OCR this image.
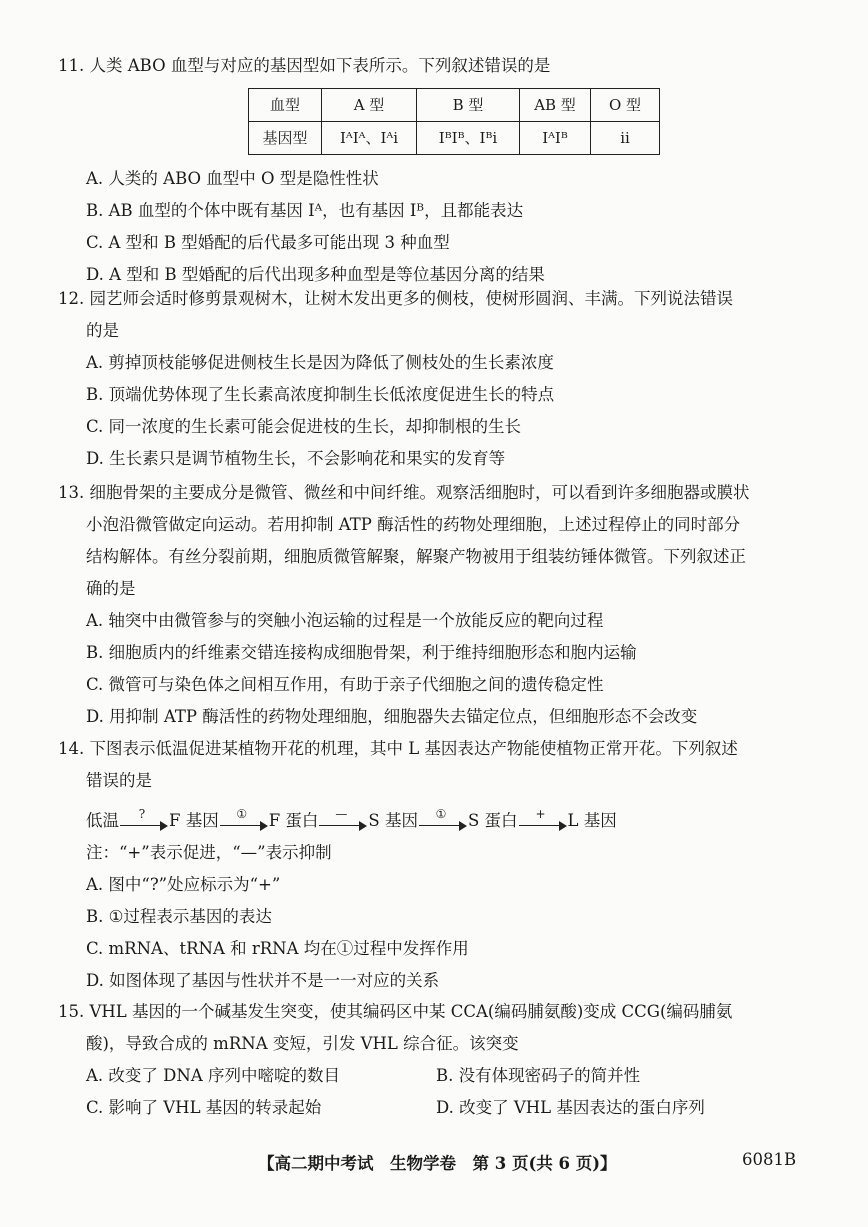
11. 人类 ABO 血型与对应的基因型如下表所示。下列叙述错误的是

血型	A 型	B 型	AB 型	O 型
基因型	IᴬIᴬ、Iᴬi	IᴮIᴮ、Iᴮi	IᴬIᴮ	ii

A. 人类的 ABO 血型中 O 型是隐性性状

B. AB 血型的个体中既有基因 Iᴬ，也有基因 Iᴮ，且都能表达

C. A 型和 B 型婚配的后代最多可能出现 3 种血型

D. A 型和 B 型婚配的后代出现多种血型是等位基因分离的结果

12. 园艺师会适时修剪景观树木，让树木发出更多的侧枝，使树形圆润、丰满。下列说法错误

的是

A. 剪掉顶枝能够促进侧枝生长是因为降低了侧枝处的生长素浓度

B. 顶端优势体现了生长素高浓度抑制生长低浓度促进生长的特点

C. 同一浓度的生长素可能会促进枝的生长，却抑制根的生长

D. 生长素只是调节植物生长，不会影响花和果实的发育等

13. 细胞骨架的主要成分是微管、微丝和中间纤维。观察活细胞时，可以看到许多细胞器或膜状

小泡沿微管做定向运动。若用抑制 ATP 酶活性的药物处理细胞，上述过程停止的同时部分

结构解体。有丝分裂前期，细胞质微管解聚，解聚产物被用于组装纺锤体微管。下列叙述正

确的是

A. 轴突中由微管参与的突触小泡运输的过程是一个放能反应的靶向过程

B. 细胞质内的纤维素交错连接构成细胞骨架，利于维持细胞形态和胞内运输

C. 微管可与染色体之间相互作用，有助于亲子代细胞之间的遗传稳定性

D. 用抑制 ATP 酶活性的药物处理细胞，细胞器失去锚定位点，但细胞形态不会改变

14. 下图表示低温促进某植物开花的机理，其中 L 基因表达产物能使植物正常开花。下列叙述

错误的是

低温	?	F 基因	①	F 蛋白	—	S 基因	①	S 蛋白	+	L 基因

注：“+”表示促进，“—”表示抑制

A. 图中“?”处应标示为“+”

B. ①过程表示基因的表达

C. mRNA、tRNA 和 rRNA 均在①过程中发挥作用

D. 如图体现了基因与性状并不是一一对应的关系

15. VHL 基因的一个碱基发生突变，使其编码区中某 CCA(编码脯氨酸)变成 CCG(编码脯氨

酸)，导致合成的 mRNA 变短，引发 VHL 综合征。该突变

A. 改变了 DNA 序列中嘧啶的数目	B. 没有体现密码子的简并性
C. 影响了 VHL 基因的转录起始	D. 改变了 VHL 基因表达的蛋白序列
【高二期中考试　生物学卷　第 3 页(共 6 页)】	6081B
